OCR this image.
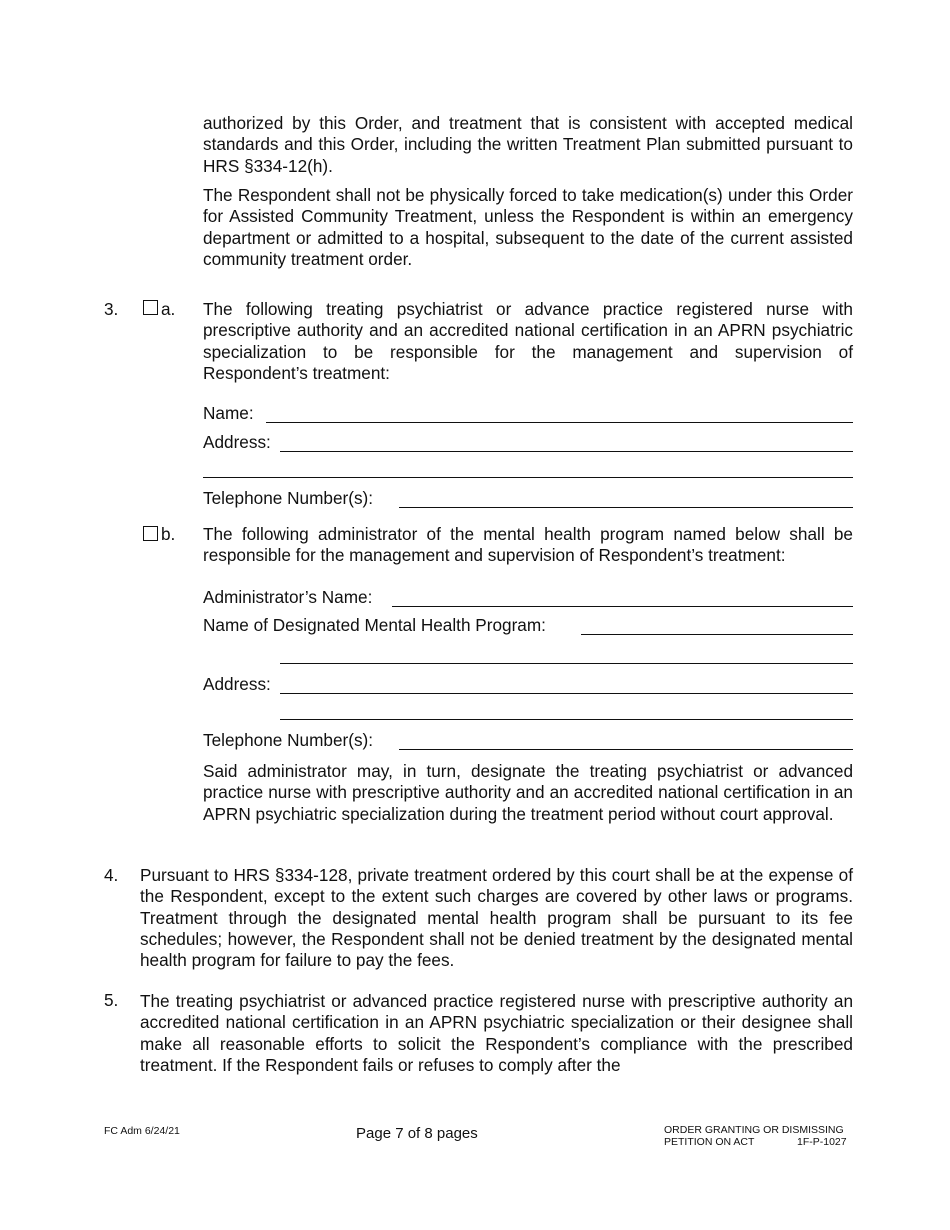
authorized by this Order, and treatment that is consistent with accepted medical standards and this Order, including the written Treatment Plan submitted pursuant to HRS §334-12(h).

The Respondent shall not be physically forced to take medication(s) under this Order for Assisted Community Treatment, unless the Respondent is within an emergency department or admitted to a hospital, subsequent to the date of the current assisted community treatment order.

3. a. The following treating psychiatrist or advance practice registered nurse with prescriptive authority and an accredited national certification in an APRN psychiatric specialization to be responsible for the management and supervision of Respondent’s treatment:

Name:
Address:
Telephone Number(s):
b. The following administrator of the mental health program named below shall be responsible for the management and supervision of Respondent’s treatment:

Administrator’s Name:
Name of Designated Mental Health Program:
Address:
Telephone Number(s):

Said administrator may, in turn, designate the treating psychiatrist or advanced practice nurse with prescriptive authority and an accredited national certification in an APRN psychiatric specialization during the treatment period without court approval.

4. Pursuant to HRS §334-128, private treatment ordered by this court shall be at the expense of the Respondent, except to the extent such charges are covered by other laws or programs. Treatment through the designated mental health program shall be pursuant to its fee schedules; however, the Respondent shall not be denied treatment by the designated mental health program for failure to pay the fees.

5. The treating psychiatrist or advanced practice registered nurse with prescriptive authority an accredited national certification in an APRN psychiatric specialization or their designee shall make all reasonable efforts to solicit the Respondent’s compliance with the prescribed treatment. If the Respondent fails or refuses to comply after the

FC Adm 6/24/21	Page 7 of 8 pages	ORDER GRANTING OR DISMISSING
PETITION ON ACT	1F-P-1027
